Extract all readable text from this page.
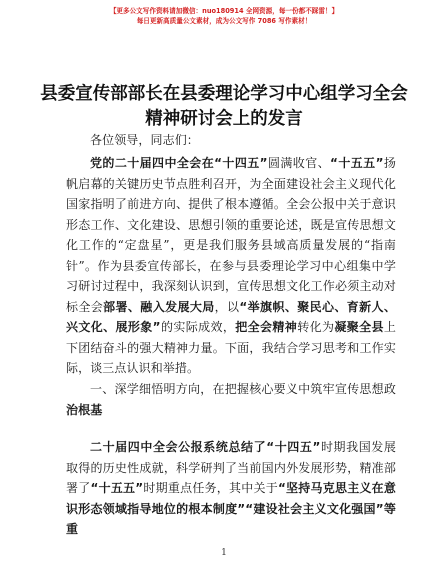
【更多公文写作资料请加微信：nuo180914 全网资源，每一份都不踩雷！】
每日更新高质量公文素材，成为公文写作 7086 写作素材！
县委宣传部部长在县委理论学习中心组学习全会精神研讨会上的发言

各位领导，同志们：

党的二十届四中全会在“十四五”圆满收官、“十五五”扬帆启幕的关键历史节点胜利召开，为全面建设社会主义现代化国家指明了前进方向、提供了根本遵循。全会公报中关于意识形态工作、文化建设、思想引领的重要论述，既是宣传思想文化工作的“定盘星”，更是我们服务县域高质量发展的“指南针”。作为县委宣传部长，在参与县委理论学习中心组集中学习研讨过程中，我深刻认识到，宣传思想文化工作必须主动对标全会部署、融入发展大局，以“举旗帜、聚民心、育新人、兴文化、展形象”的实际成效，把全会精神转化为凝聚全县上下团结奋斗的强大精神力量。下面，我结合学习思考和工作实际，谈三点认识和举措。

一、深学细悟明方向，在把握核心要义中筑牢宣传思想政治根基

二十届四中全会公报系统总结了“十四五”时期我国发展取得的历史性成就，科学研判了当前国内外发展形势，精准部署了“十五五”时期重点任务，其中关于“坚持马克思主义在意识形态领域指导地位的根本制度”“建设社会主义文化强国”等重

1
